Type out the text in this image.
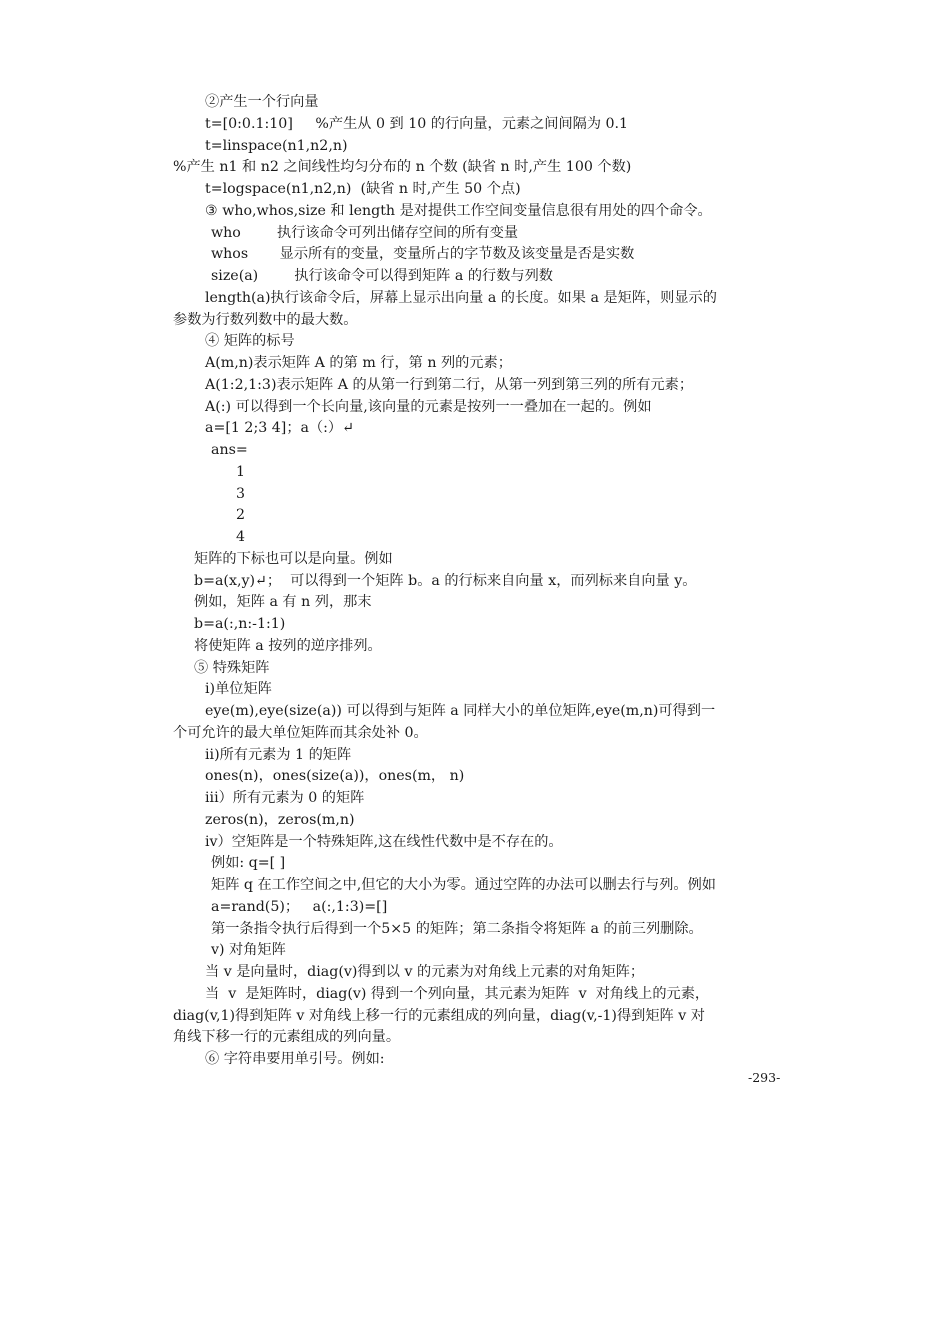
②产生一个行向量
t=[0:0.1:10]     %产生从 0 到 10 的行向量，元素之间间隔为 0.1
t=linspace(n1,n2,n)
%产生 n1 和 n2 之间线性均匀分布的 n 个数 (缺省 n 时,产生 100 个数)
t=logspace(n1,n2,n)  (缺省 n 时,产生 50 个点)
③ who,whos,size 和 length 是对提供工作空间变量信息很有用处的四个命令。
who        执行该命令可列出储存空间的所有变量
whos       显示所有的变量，变量所占的字节数及该变量是否是实数
size(a)        执行该命令可以得到矩阵 a 的行数与列数
length(a)执行该命令后，屏幕上显示出向量 a 的长度。如果 a 是矩阵，则显示的
参数为行数列数中的最大数。
④ 矩阵的标号
A(m,n)表示矩阵 A 的第 m 行，第 n 列的元素；
A(1:2,1:3)表示矩阵 A 的从第一行到第二行，从第一列到第三列的所有元素；
A(:) 可以得到一个长向量,该向量的元素是按列一一叠加在一起的。例如
a=[1 2;3 4]；a（:）↵
ans=
1
3
2
4
矩阵的下标也可以是向量。例如
b=a(x,y)↵；  可以得到一个矩阵 b。a 的行标来自向量 x，而列标来自向量 y。
例如，矩阵 a 有 n 列，那末
b=a(:,n:-1:1)
将使矩阵 a 按列的逆序排列。
⑤ 特殊矩阵
i)单位矩阵
eye(m),eye(size(a)) 可以得到与矩阵 a 同样大小的单位矩阵,eye(m,n)可得到一
个可允许的最大单位矩阵而其余处补 0。
ii)所有元素为 1 的矩阵
ones(n)，ones(size(a))，ones(m， n)
iii）所有元素为 0 的矩阵
zeros(n)，zeros(m,n)
iv）空矩阵是一个特殊矩阵,这在线性代数中是不存在的。
例如: q=[ ]
矩阵 q 在工作空间之中,但它的大小为零。通过空阵的办法可以删去行与列。例如
a=rand(5)；   a(:,1:3)=[]
第一条指令执行后得到一个5×5 的矩阵；第二条指令将矩阵 a 的前三列删除。
v) 对角矩阵
当 v 是向量时，diag(v)得到以 v 的元素为对角线上元素的对角矩阵；
当  v  是矩阵时，diag(v) 得到一个列向量，其元素为矩阵  v  对角线上的元素，
diag(v,1)得到矩阵 v 对角线上移一行的元素组成的列向量，diag(v,-1)得到矩阵 v 对
角线下移一行的元素组成的列向量。
⑥ 字符串要用单引号。例如:
-293-
